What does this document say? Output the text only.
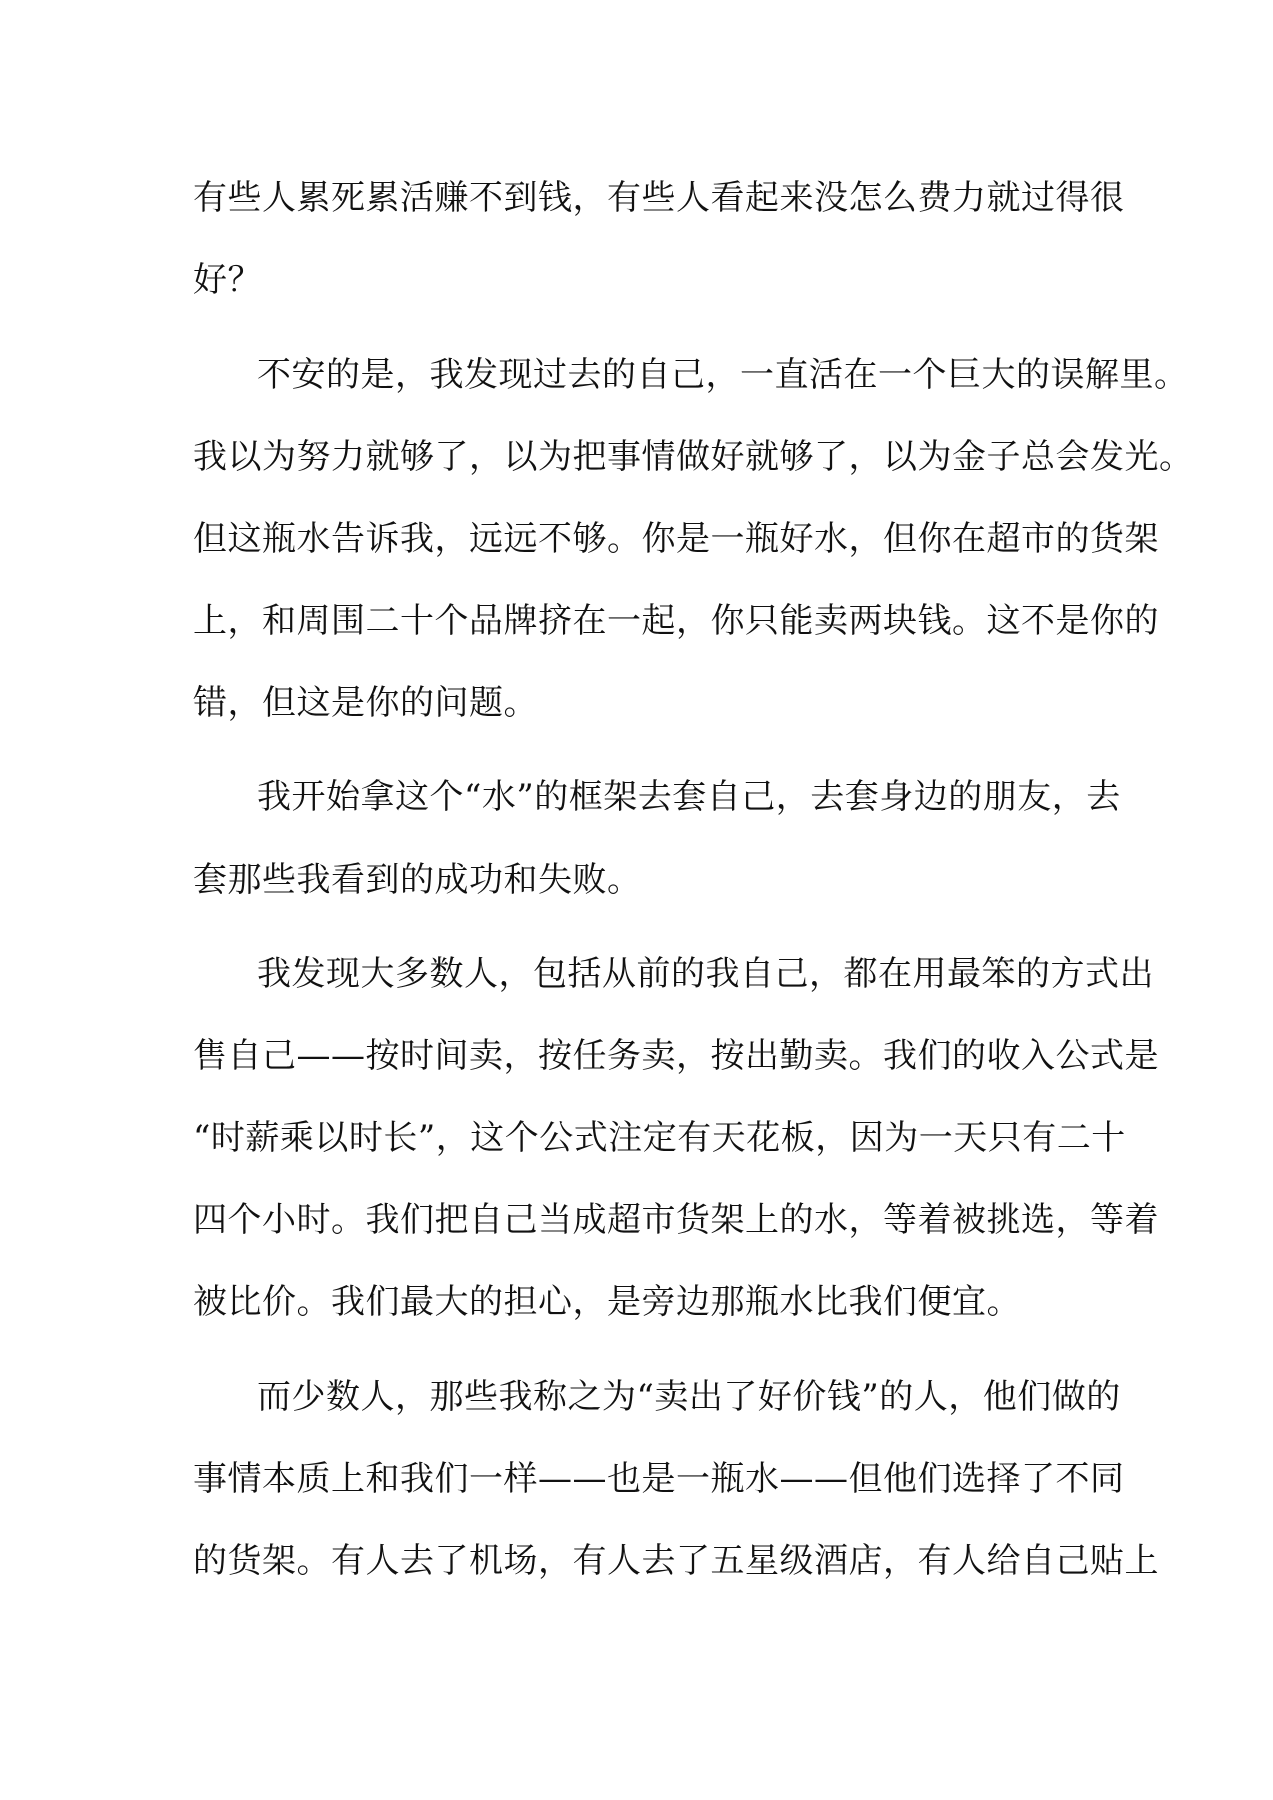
有些人累死累活赚不到钱，有些人看起来没怎么费力就过得很
好？
不安的是，我发现过去的自己，一直活在一个巨大的误解里。
我以为努力就够了，以为把事情做好就够了，以为金子总会发光。
但这瓶水告诉我，远远不够。你是一瓶好水，但你在超市的货架
上，和周围二十个品牌挤在一起，你只能卖两块钱。这不是你的
错，但这是你的问题。
我开始拿这个“水”的框架去套自己，去套身边的朋友，去
套那些我看到的成功和失败。
我发现大多数人，包括从前的我自己，都在用最笨的方式出
售自己——按时间卖，按任务卖，按出勤卖。我们的收入公式是
“时薪乘以时长”，这个公式注定有天花板，因为一天只有二十
四个小时。我们把自己当成超市货架上的水，等着被挑选，等着
被比价。我们最大的担心，是旁边那瓶水比我们便宜。
而少数人，那些我称之为“卖出了好价钱”的人，他们做的
事情本质上和我们一样——也是一瓶水——但他们选择了不同
的货架。有人去了机场，有人去了五星级酒店，有人给自己贴上
